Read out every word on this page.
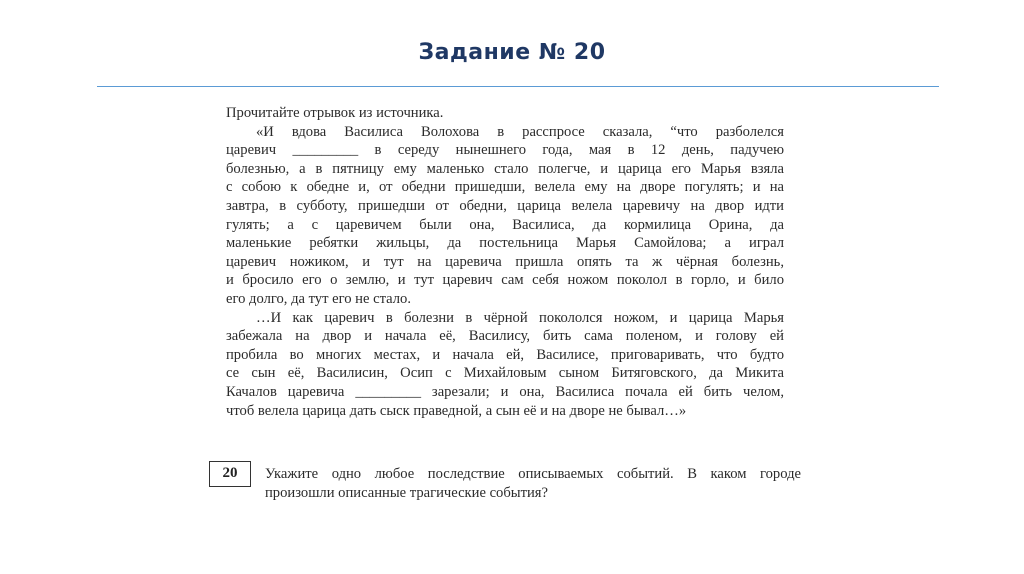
Задание № 20
Прочитайте отрывок из источника.
«И вдова Василиса Волохова в расспросе сказала, “что разболелся
царевич _________ в середу нынешнего года, мая в 12 день, падучею
болезнью, а в пятницу ему маленько стало полегче, и царица его Марья взяла
с собою к обедне и, от обедни пришедши, велела ему на дворе погулять; и на
завтра, в субботу, пришедши от обедни, царица велела царевичу на двор идти
гулять; а с царевичем были она, Василиса, да кормилица Орина, да
маленькие ребятки жильцы, да постельница Марья Самойлова; а играл
царевич ножиком, и тут на царевича пришла опять та ж чёрная болезнь,
и бросило его о землю, и тут царевич сам себя ножом поколол в горло, и било
его долго, да тут его не стало.
…И как царевич в болезни в чёрной покололся ножом, и царица Марья
забежала на двор и начала её, Василису, бить сама поленом, и голову ей
пробила во многих местах, и начала ей, Василисе, приговаривать, что будто
се сын её, Василисин, Осип с Михайловым сыном Битяговского, да Микита
Качалов царевича _________ зарезали; и она, Василиса почала ей бить челом,
чтоб велела царица дать сыск праведной, а сын её и на дворе не бывал…»
20	Укажите одно любое последствие описываемых событий. В каком городе
произошли описанные трагические события?
